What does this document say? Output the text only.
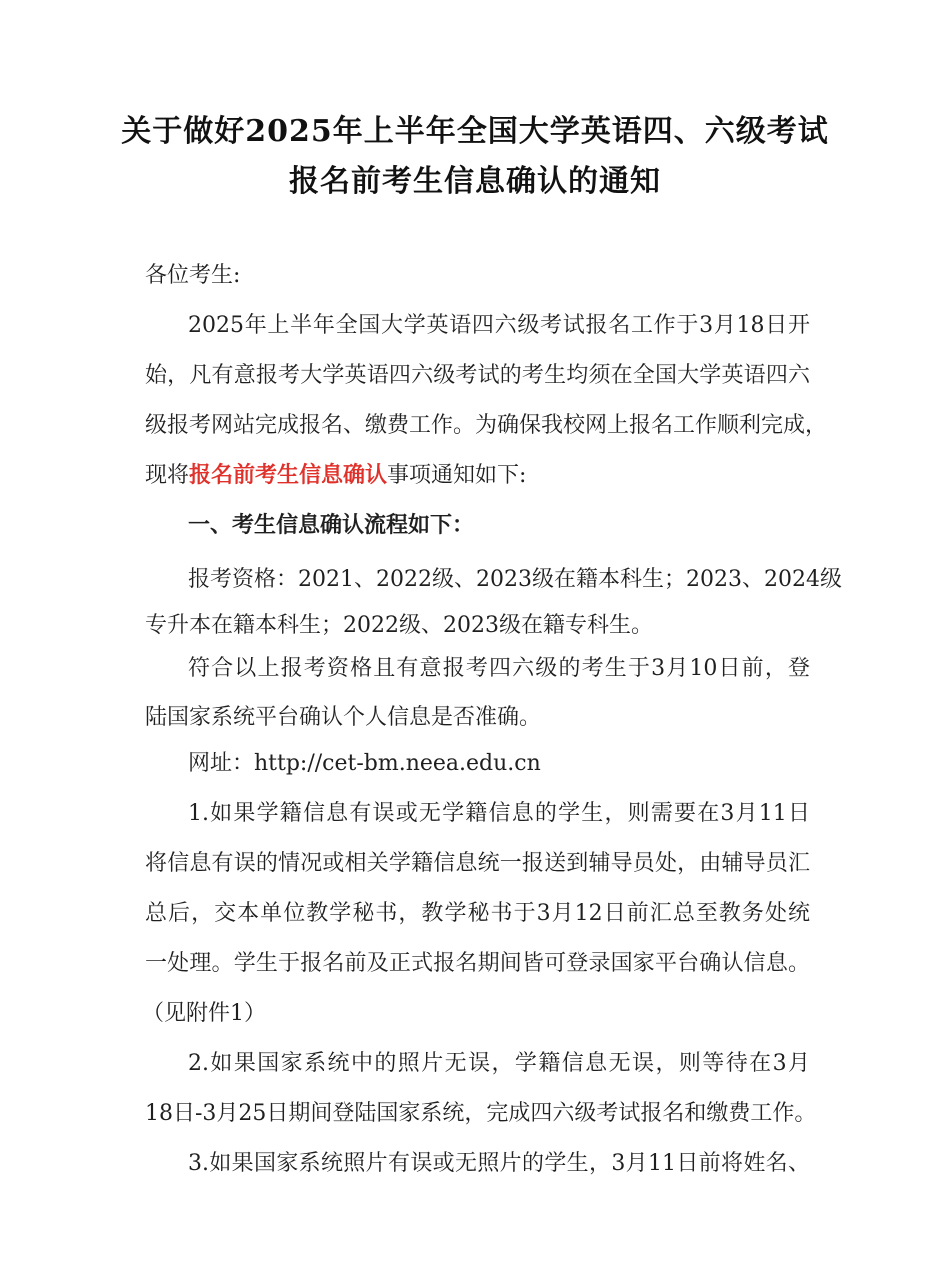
关于做好2025年上半年全国大学英语四、六级考试
报名前考生信息确认的通知
各位考生:
2025年上半年全国大学英语四六级考试报名工作于3月18日开
始，凡有意报考大学英语四六级考试的考生均须在全国大学英语四六
级报考网站完成报名、缴费工作。为确保我校网上报名工作顺利完成，
现将报名前考生信息确认事项通知如下:
一、考生信息确认流程如下：
报考资格：2021、2022级、2023级在籍本科生；2023、2024级
专升本在籍本科生；2022级、2023级在籍专科生。
符合以上报考资格且有意报考四六级的考生于3月10日前，登
陆国家系统平台确认个人信息是否准确。
网址：http://cet-bm.neea.edu.cn
1.如果学籍信息有误或无学籍信息的学生，则需要在3月11日
将信息有误的情况或相关学籍信息统一报送到辅导员处，由辅导员汇
总后，交本单位教学秘书，教学秘书于3月12日前汇总至教务处统
一处理。学生于报名前及正式报名期间皆可登录国家平台确认信息。
（见附件1）
2.如果国家系统中的照片无误，学籍信息无误，则等待在3月
18日-3月25日期间登陆国家系统，完成四六级考试报名和缴费工作。
3.如果国家系统照片有误或无照片的学生，3月11日前将姓名、
